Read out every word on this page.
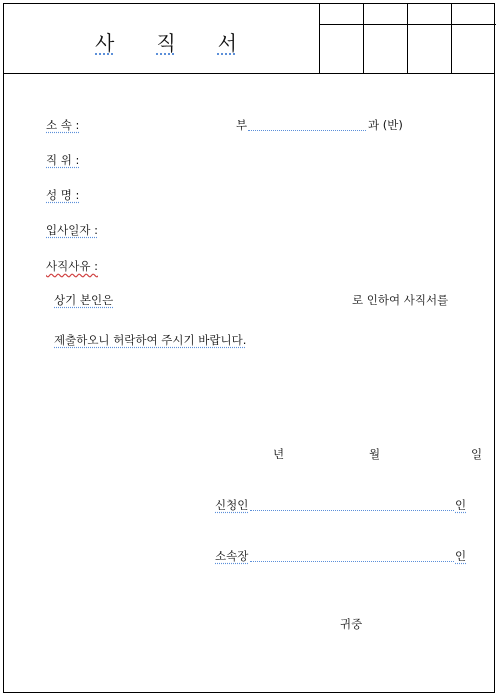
사 직 서
소 속 :	부	과 (반)
직 위 :
성 명 :
입사일자 :
사직사유 :
상기 본인은	로 인하여 사직서를
제출하오니 허락하여 주시기 바랍니다.
년	월	일
신청인	인
소속장	인
귀중
